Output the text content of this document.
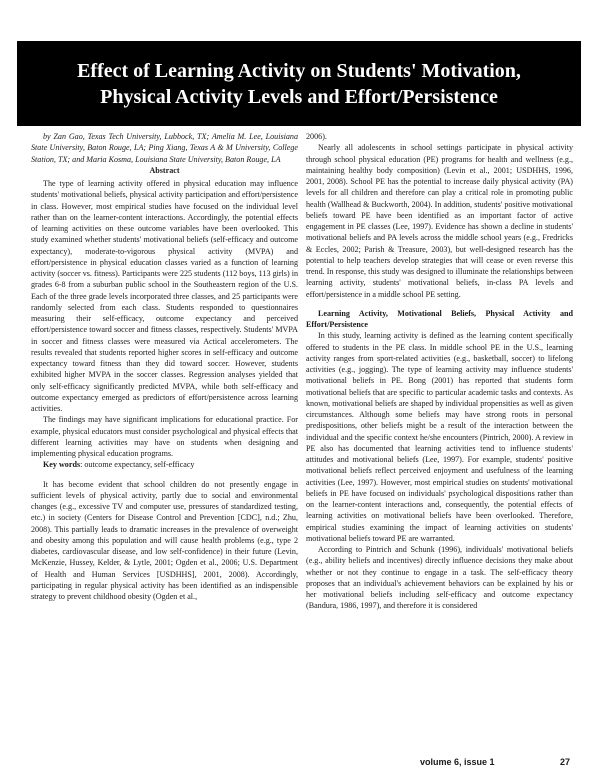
Effect of Learning Activity on Students' Motivation,
Physical Activity Levels and Effort/Persistence

by Zan Gao, Texas Tech University, Lubbock, TX; Amelia M. Lee, Louisiana State University, Baton Rouge, LA; Ping Xiang, Texas A & M University, College Station, TX; and Maria Kosma, Louisiana State University, Baton Rouge, LA

Abstract

The type of learning activity offered in physical education may influence students' motivational beliefs, physical activity participation and effort/persistence in class. However, most empirical studies have focused on the individual level rather than on the learner-content interactions. Accordingly, the potential effects of learning activities on these outcome variables have been overlooked. This study examined whether students' motivational beliefs (self-efficacy and outcome expectancy), moderate-to-vigorous physical activity (MVPA) and effort/persistence in physical education classes varied as a function of learning activity (soccer vs. fitness). Participants were 225 students (112 boys, 113 girls) in grades 6-8 from a suburban public school in the Southeastern region of the U.S. Each of the three grade levels incorporated three classes, and 25 participants were randomly selected from each class. Students responded to questionnaires measuring their self-efficacy, outcome expectancy and perceived effort/persistence toward soccer and fitness classes, respectively. Students' MVPA in soccer and fitness classes were measured via Actical accelerometers. The results revealed that students reported higher scores in self-efficacy and outcome expectancy toward fitness than they did toward soccer. However, students exhibited higher MVPA in the soccer classes. Regression analyses yielded that only self-efficacy significantly predicted MVPA, while both self-efficacy and outcome expectancy emerged as predictors of effort/persistence across learning activities.

The findings may have significant implications for educational practice. For example, physical educators must consider psychological and physical effects that different learning activities may have on students when designing and implementing physical education programs.

Key words: outcome expectancy, self-efficacy

It has become evident that school children do not presently engage in sufficient levels of physical activity, partly due to social and environmental changes (e.g., excessive TV and computer use, pressures of standardized testing, etc.) in society (Centers for Disease Control and Prevention [CDC], n.d.; Zhu, 2008). This partially leads to dramatic increases in the prevalence of overweight and obesity among this population and will cause health problems (e.g., type 2 diabetes, cardiovascular disease, and low self-confidence) in their future (Levin, McKenzie, Hussey, Kelder, & Lytle, 2001; Ogden et al., 2006; U.S. Department of Health and Human Services [USDHHS], 2001, 2008). Accordingly, participating in regular physical activity has been identified as an indispensible strategy to prevent childhood obesity (Ogden et al.,

2006).

Nearly all adolescents in school settings participate in physical activity through school physical education (PE) programs for health and wellness (e.g., maintaining healthy body composition) (Levin et al., 2001; USDHHS, 1996, 2001, 2008). School PE has the potential to increase daily physical activity (PA) levels for all children and therefore can play a critical role in promoting public health (Wallhead & Buckworth, 2004). In addition, students' positive motivational beliefs toward PE have been identified as an important factor of active engagement in PE classes (Lee, 1997). Evidence has shown a decline in students' motivational beliefs and PA levels across the middle school years (e.g., Fredricks & Eccles, 2002; Parish & Treasure, 2003), but well-designed research has the potential to help teachers develop strategies that will cease or even reverse this trend. In response, this study was designed to illuminate the relationships between learning activity, students' motivational beliefs, in-class PA levels and effort/persistence in a middle school PE setting.

Learning Activity, Motivational Beliefs, Physical Activity and Effort/Persistence

In this study, learning activity is defined as the learning content specifically offered to students in the PE class. In middle school PE in the U.S., learning activity ranges from sport-related activities (e.g., basketball, soccer) to lifelong activities (e.g., jogging). The type of learning activity may influence students' motivational beliefs in PE. Bong (2001) has reported that students form motivational beliefs that are specific to particular academic tasks and contexts. As known, motivational beliefs are shaped by individual propensities as well as given circumstances. Although some beliefs may have strong roots in personal predispositions, other beliefs might be a result of the interaction between the individual and the specific context he/she encounters (Pintrich, 2000). A review in PE also has documented that learning activities tend to influence students' attitudes and motivational beliefs (Lee, 1997). For example, students' positive motivational beliefs reflect perceived enjoyment and usefulness of the learning activities (Lee, 1997). However, most empirical studies on students' motivational beliefs in PE have focused on individuals' psychological dispositions rather than on the learner-content interactions and, consequently, the potential effects of learning activities on motivational beliefs have been overlooked. Therefore, empirical studies examining the impact of learning activities on students' motivational beliefs toward PE are warranted.

According to Pintrich and Schunk (1996), individuals' motivational beliefs (e.g., ability beliefs and incentives) directly influence decisions they make about whether or not they continue to engage in a task. The self-efficacy theory proposes that an individual's achievement behaviors can be explained by his or her motivational beliefs including self-efficacy and outcome expectancy (Bandura, 1986, 1997), and therefore it is considered

volume 6, issue 1	27
